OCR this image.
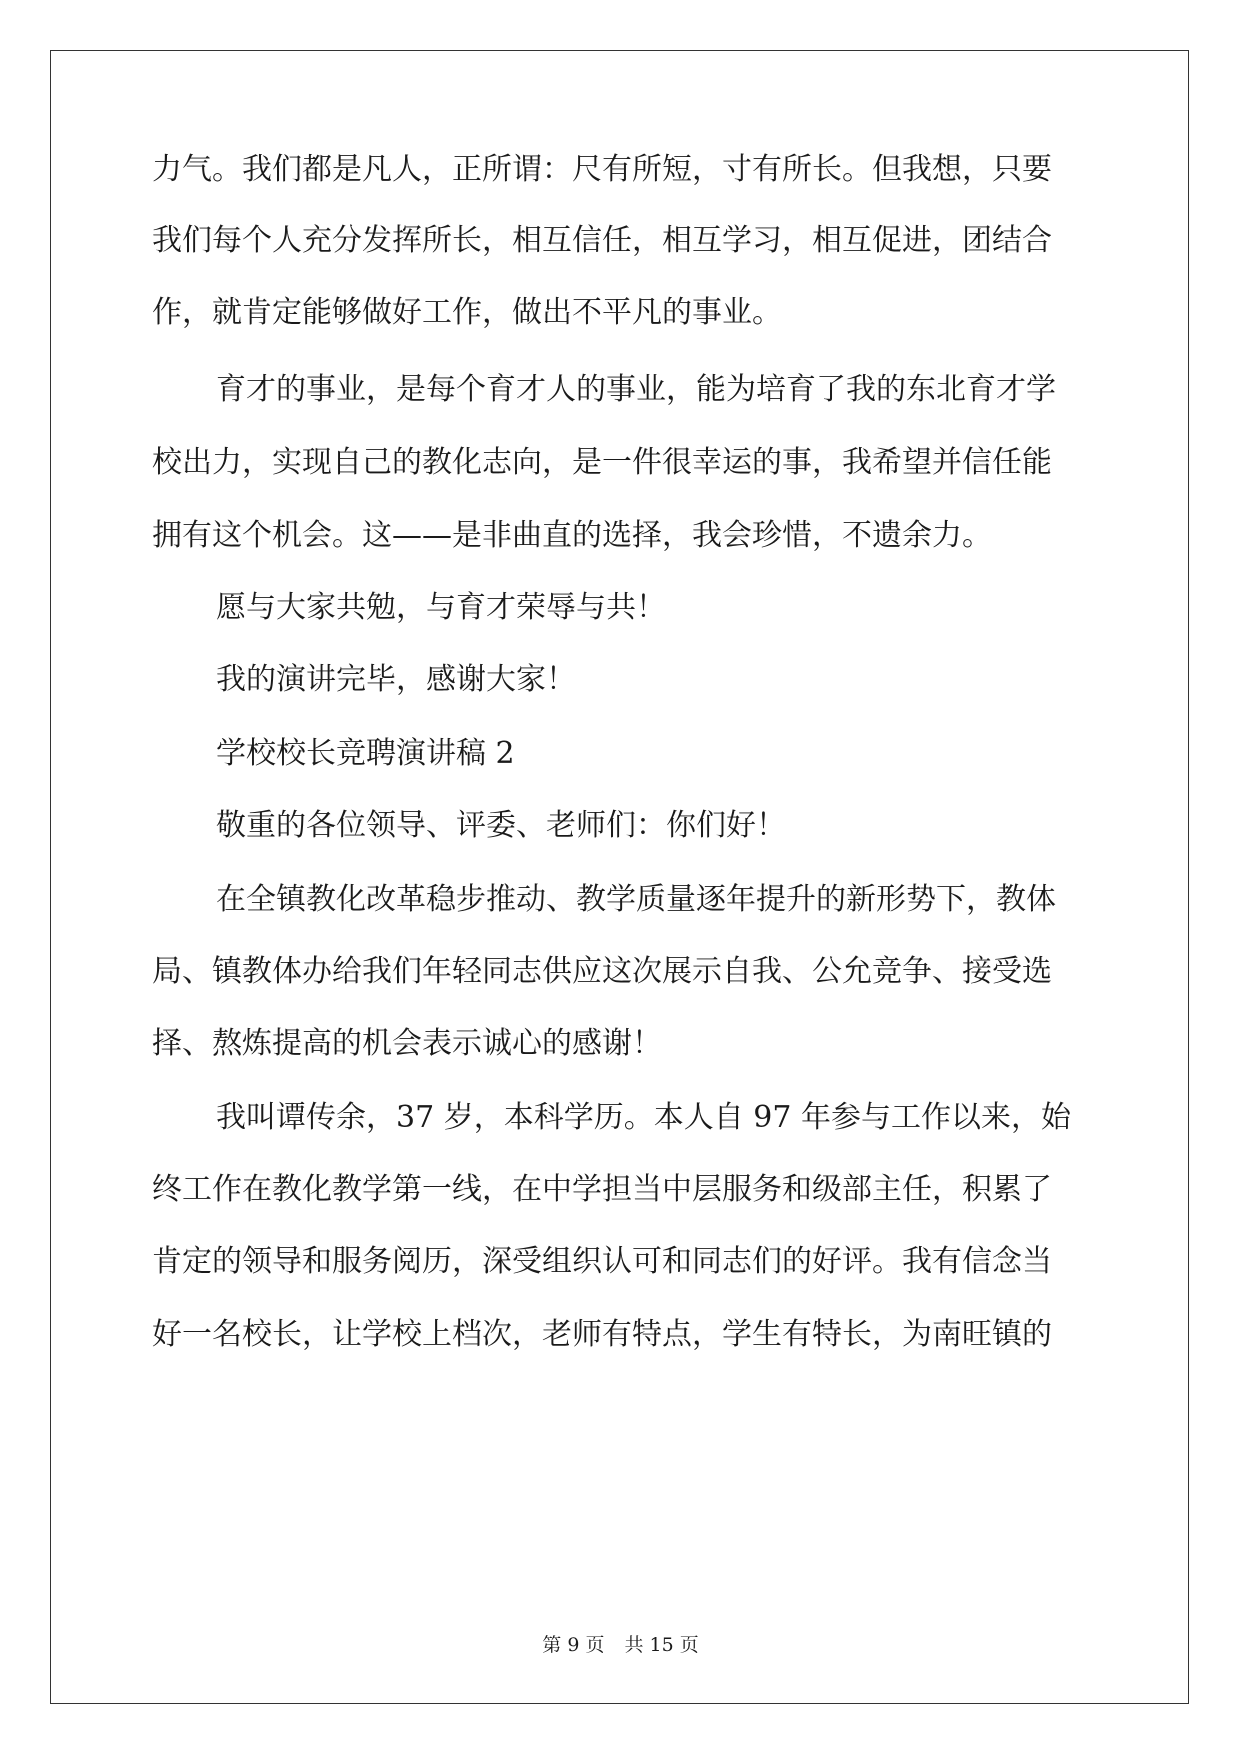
力气。我们都是凡人，正所谓：尺有所短，寸有所长。但我想，只要
我们每个人充分发挥所长，相互信任，相互学习，相互促进，团结合
作，就肯定能够做好工作，做出不平凡的事业。
育才的事业，是每个育才人的事业，能为培育了我的东北育才学
校出力，实现自己的教化志向，是一件很幸运的事，我希望并信任能
拥有这个机会。这——是非曲直的选择，我会珍惜，不遗余力。
愿与大家共勉，与育才荣辱与共！
我的演讲完毕，感谢大家！
学校校长竞聘演讲稿 2
敬重的各位领导、评委、老师们：你们好！
在全镇教化改革稳步推动、教学质量逐年提升的新形势下，教体
局、镇教体办给我们年轻同志供应这次展示自我、公允竞争、接受选
择、熬炼提高的机会表示诚心的感谢！
我叫谭传余，37 岁，本科学历。本人自 97 年参与工作以来，始
终工作在教化教学第一线，在中学担当中层服务和级部主任，积累了
肯定的领导和服务阅历，深受组织认可和同志们的好评。我有信念当
好一名校长，让学校上档次，老师有特点，学生有特长，为南旺镇的
第 9 页 共 15 页
